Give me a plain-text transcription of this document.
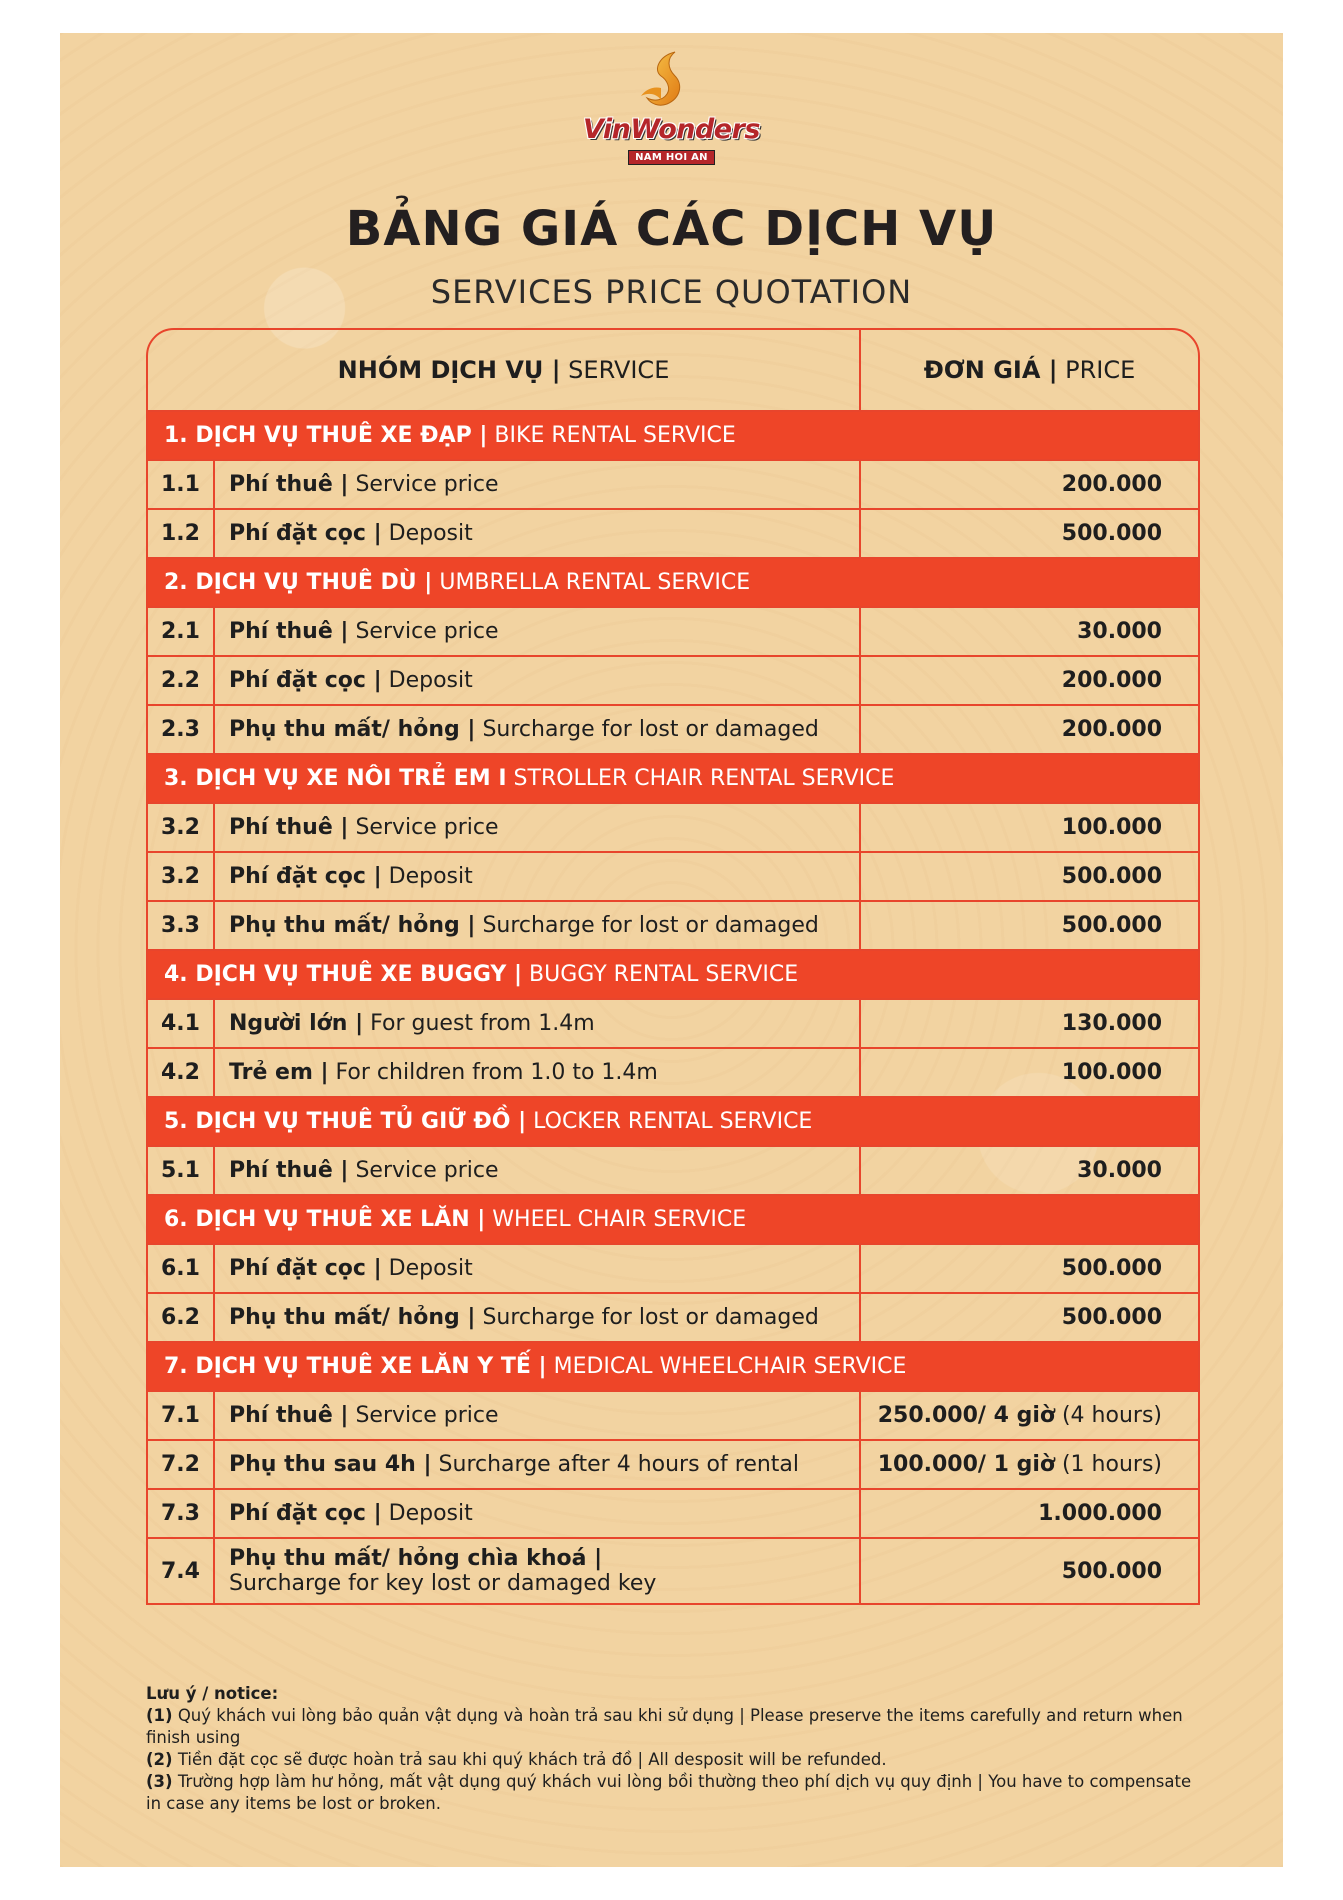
VinWonders
NAM HOI AN
BẢNG GIÁ CÁC DỊCH VỤ
SERVICES PRICE QUOTATION
NHÓM DỊCH VỤ | SERVICE		ĐƠN GIÁ | PRICE
1. DỊCH VỤ THUÊ XE ĐẠP | BIKE RENTAL SERVICE		
1.1	Phí thuê | Service price	200.000
1.2	Phí đặt cọc | Deposit	500.000
2. DỊCH VỤ THUÊ DÙ | UMBRELLA RENTAL SERVICE		
2.1	Phí thuê | Service price	30.000
2.2	Phí đặt cọc | Deposit	200.000
2.3	Phụ thu mất/ hỏng | Surcharge for lost or damaged	200.000
3. DỊCH VỤ XE NÔI TRẺ EM I STROLLER CHAIR RENTAL SERVICE		
3.2	Phí thuê | Service price	100.000
3.2	Phí đặt cọc | Deposit	500.000
3.3	Phụ thu mất/ hỏng | Surcharge for lost or damaged	500.000
4. DỊCH VỤ THUÊ XE BUGGY | BUGGY RENTAL SERVICE		
4.1	Người lớn | For guest from 1.4m	130.000
4.2	Trẻ em | For children from 1.0 to 1.4m	100.000
5. DỊCH VỤ THUÊ TỦ GIỮ ĐỒ | LOCKER RENTAL SERVICE		
5.1	Phí thuê | Service price	30.000
6. DỊCH VỤ THUÊ XE LĂN | WHEEL CHAIR SERVICE		
6.1	Phí đặt cọc | Deposit	500.000
6.2	Phụ thu mất/ hỏng | Surcharge for lost or damaged	500.000
7. DỊCH VỤ THUÊ XE LĂN Y TẾ | MEDICAL WHEELCHAIR SERVICE		
7.1	Phí thuê | Service price	250.000/ 4 giờ (4 hours)
7.2	Phụ thu sau 4h | Surcharge after 4 hours of rental	100.000/ 1 giờ (1 hours)
7.3	Phí đặt cọc | Deposit	1.000.000
7.4	Phụ thu mất/ hỏng chìa khoá |
Surcharge for key lost or damaged key	500.000
Lưu ý / notice:
(1) Quý khách vui lòng bảo quản vật dụng và hoàn trả sau khi sử dụng | Please preserve the items carefully and return when finish using
(2) Tiền đặt cọc sẽ được hoàn trả sau khi quý khách trả đồ | All desposit will be refunded.
(3) Trường hợp làm hư hỏng, mất vật dụng quý khách vui lòng bồi thường theo phí dịch vụ quy định | You have to compensate in case any items be lost or broken.
